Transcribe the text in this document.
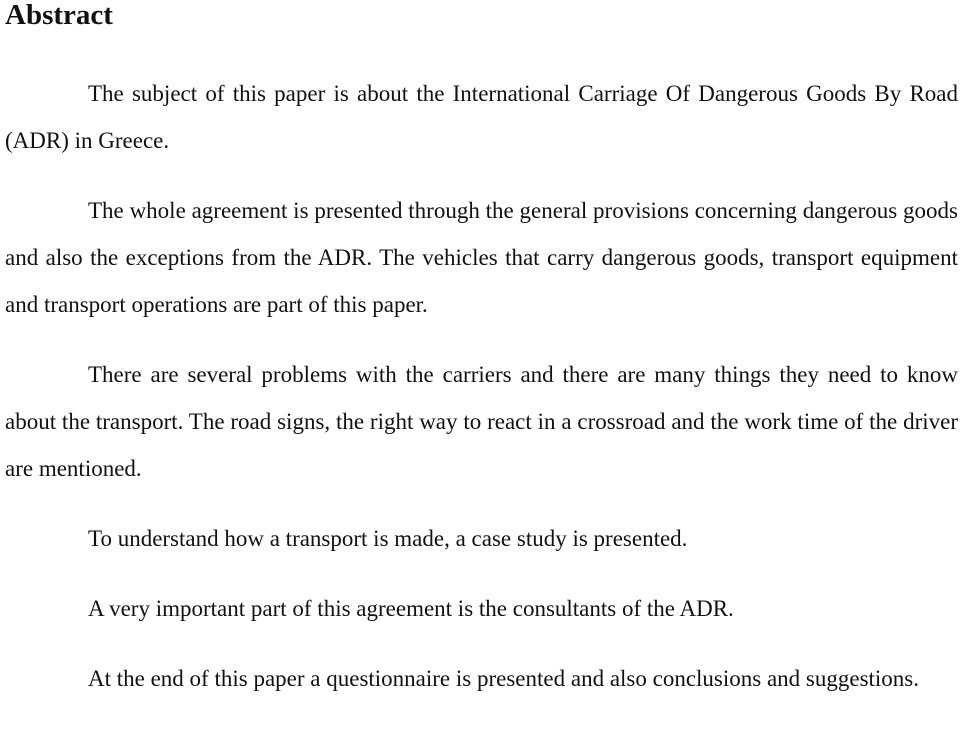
Abstract

The subject of this paper is about the International Carriage Of Dangerous Goods By Road (ADR) in Greece.

The whole agreement is presented through the general provisions concerning dangerous goods and also the exceptions from the ADR. The vehicles that carry dangerous goods, transport equipment and transport operations are part of this paper.

There are several problems with the carriers and there are many things they need to know about the transport. The road signs, the right way to react in a crossroad and the work time of the driver are mentioned.

To understand how a transport is made, a case study is presented.

A very important part of this agreement is the consultants of the ADR.

At the end of this paper a questionnaire is presented and also conclusions and suggestions.
